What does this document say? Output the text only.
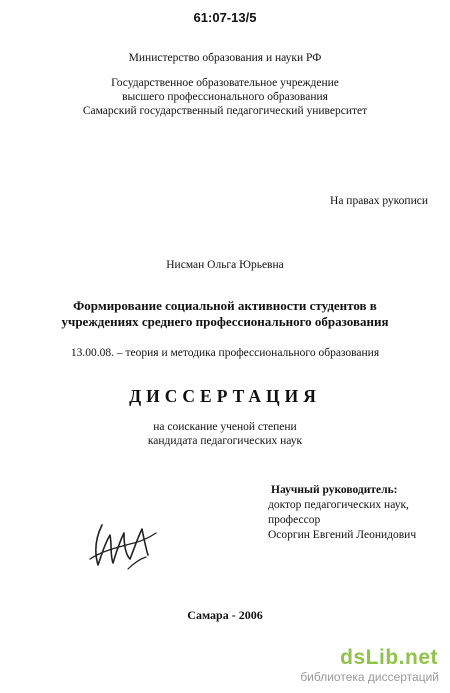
61:07-13/5
Министерство образования и науки РФ
Государственное образовательное учреждение
высшего профессионального образования
Самарский государственный педагогический университет
На правах рукописи
Нисман Ольга Юрьевна
Формирование социальной активности студентов в
учреждениях среднего профессионального образования
13.00.08. – теория и методика профессионального образования
ДИССЕРТАЦИЯ
на соискание ученой степени
кандидата педагогических наук
Научный руководитель:
доктор педагогических наук,
профессор
Осоргин Евгений Леонидович
Самара - 2006
dsLib.net
библиотека диссертаций
